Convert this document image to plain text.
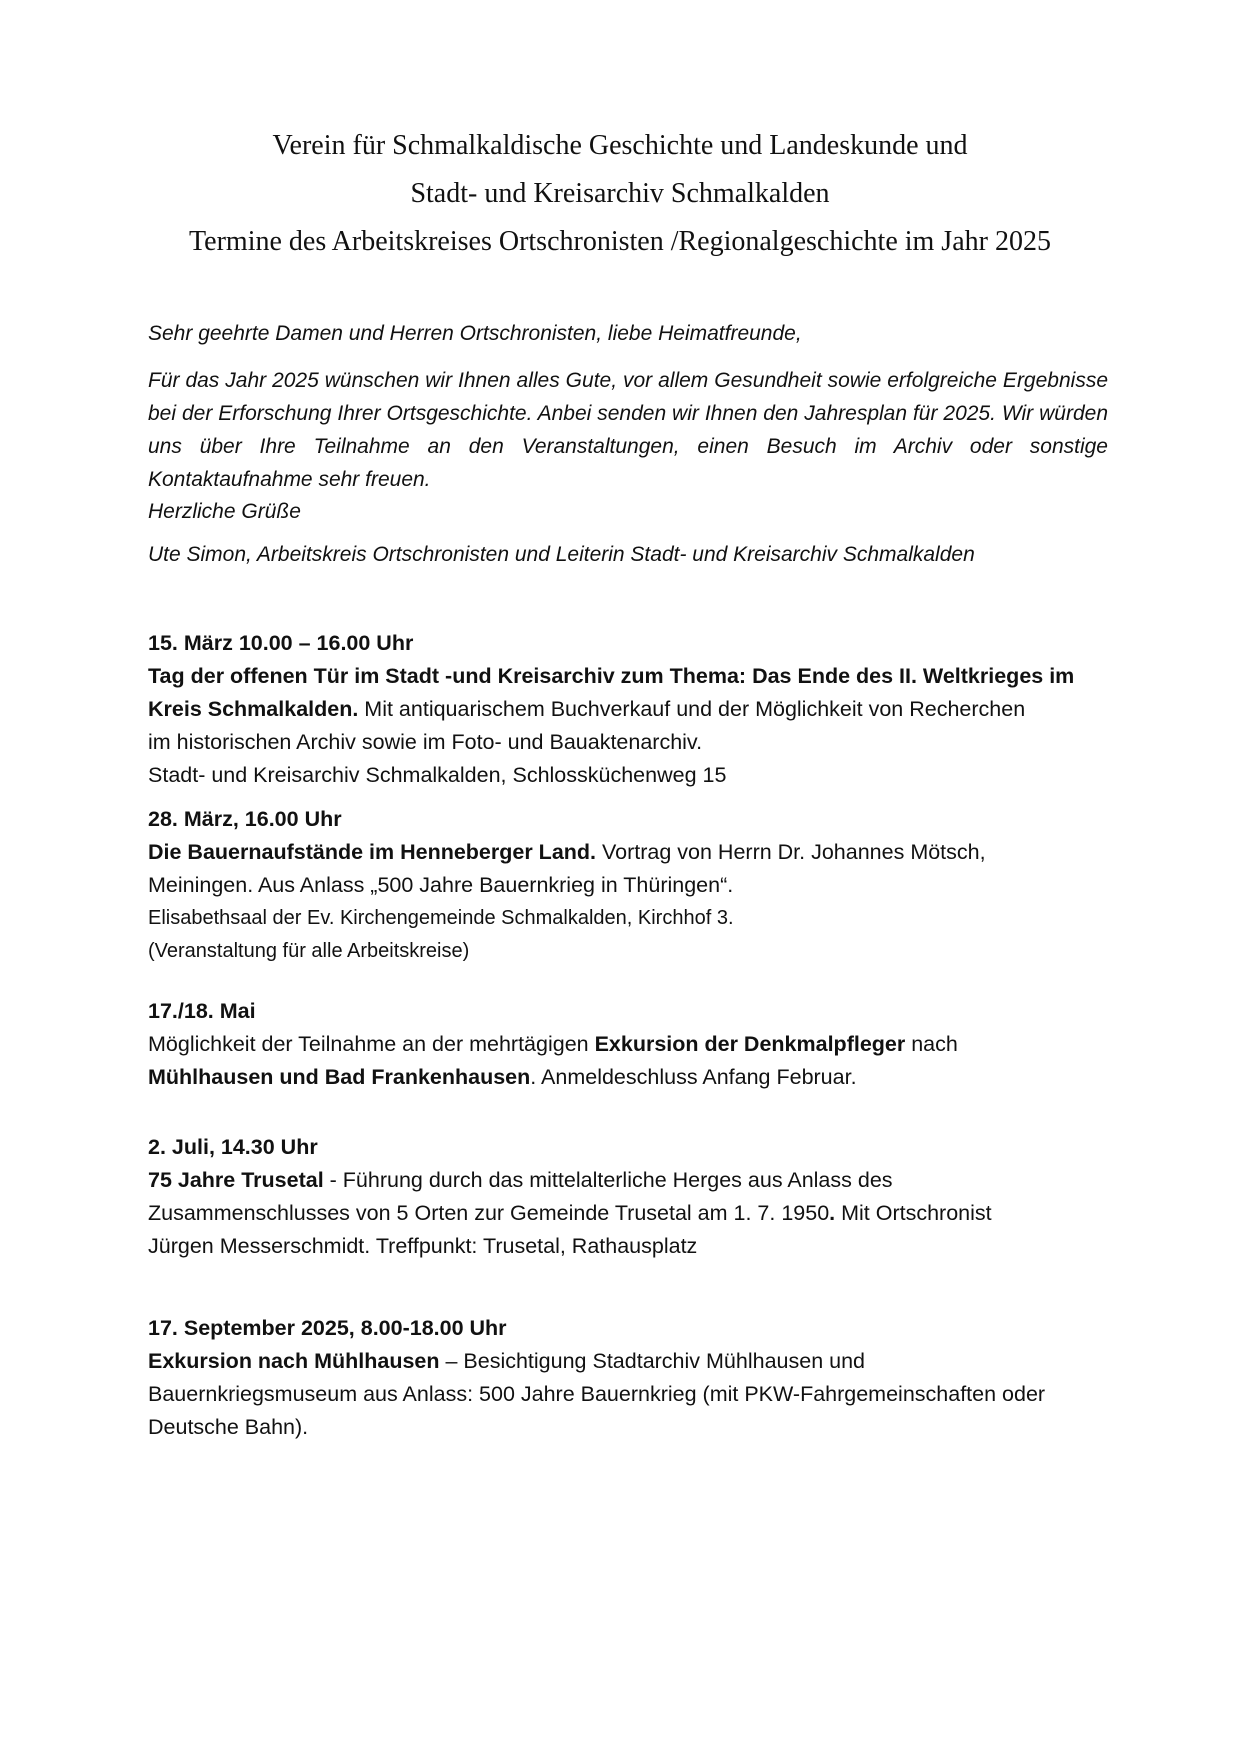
Verein für Schmalkaldische Geschichte und Landeskunde und
Stadt- und Kreisarchiv Schmalkalden
Termine des Arbeitskreises Ortschronisten /Regionalgeschichte im Jahr 2025

Sehr geehrte Damen und Herren Ortschronisten, liebe Heimatfreunde,

Für das Jahr 2025 wünschen wir Ihnen alles Gute, vor allem Gesundheit sowie erfolgreiche Ergebnisse bei der Erforschung Ihrer Ortsgeschichte. Anbei senden wir Ihnen den Jahresplan für 2025. Wir würden uns über Ihre Teilnahme an den Veranstaltungen, einen Besuch im Archiv oder sonstige Kontaktaufnahme sehr freuen.

Herzliche Grüße

Ute Simon, Arbeitskreis Ortschronisten und Leiterin Stadt- und Kreisarchiv Schmalkalden

15. März 10.00 – 16.00 Uhr
Tag der offenen Tür im Stadt -und Kreisarchiv zum Thema: Das Ende des II. Weltkrieges im
Kreis Schmalkalden. Mit antiquarischem Buchverkauf und der Möglichkeit von Recherchen
im historischen Archiv sowie im Foto- und Bauaktenarchiv.
Stadt- und Kreisarchiv Schmalkalden, Schlossküchenweg 15
28. März, 16.00 Uhr
Die Bauernaufstände im Henneberger Land. Vortrag von Herrn Dr. Johannes Mötsch,
Meiningen. Aus Anlass „500 Jahre Bauernkrieg in Thüringen“.
Elisabethsaal der Ev. Kirchengemeinde Schmalkalden, Kirchhof 3.
(Veranstaltung für alle Arbeitskreise)
17./18. Mai
Möglichkeit der Teilnahme an der mehrtägigen Exkursion der Denkmalpfleger nach
Mühlhausen und Bad Frankenhausen. Anmeldeschluss Anfang Februar.
2. Juli, 14.30 Uhr
75 Jahre Trusetal - Führung durch das mittelalterliche Herges aus Anlass des
Zusammenschlusses von 5 Orten zur Gemeinde Trusetal am 1. 7. 1950. Mit Ortschronist
Jürgen Messerschmidt. Treffpunkt: Trusetal, Rathausplatz
17. September 2025, 8.00-18.00 Uhr
Exkursion nach Mühlhausen – Besichtigung Stadtarchiv Mühlhausen und
Bauernkriegsmuseum aus Anlass: 500 Jahre Bauernkrieg (mit PKW-Fahrgemeinschaften oder
Deutsche Bahn).
